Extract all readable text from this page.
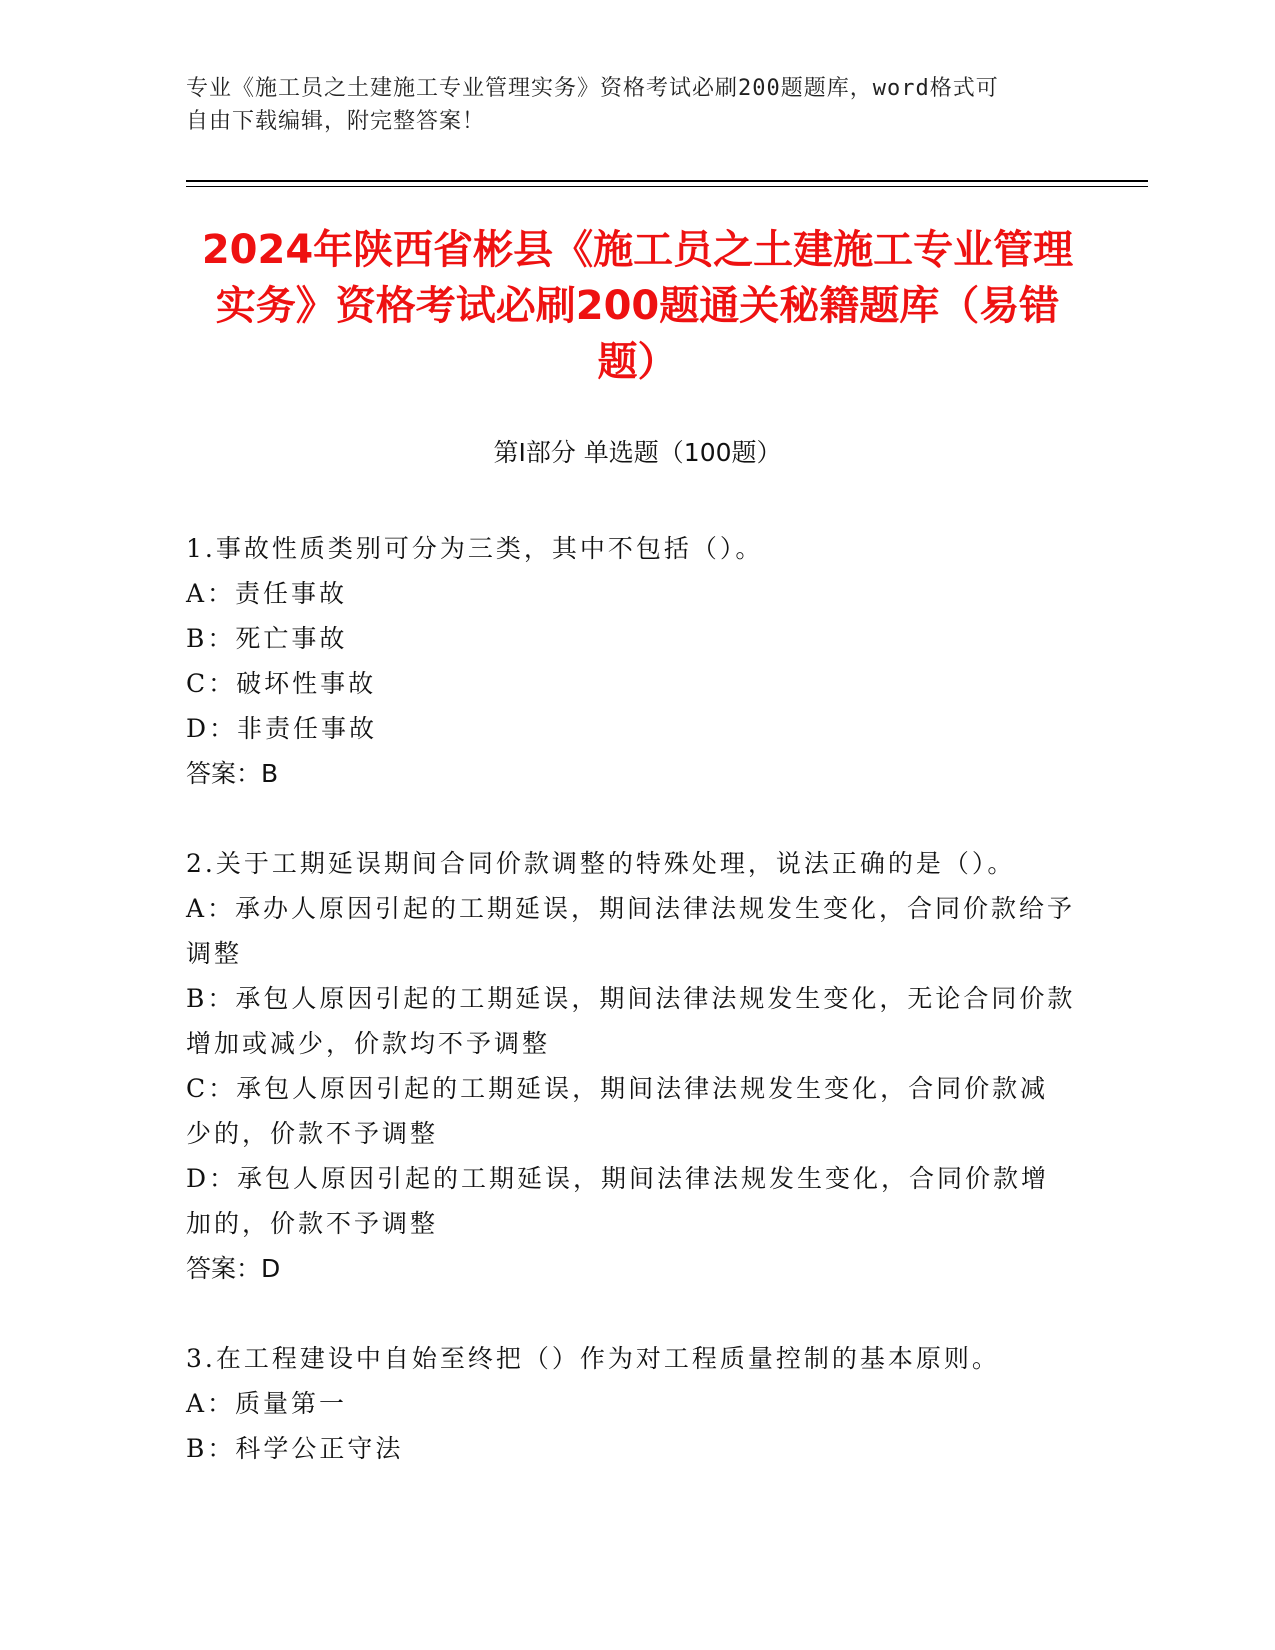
专业《施工员之土建施工专业管理实务》资格考试必刷200题题库，word格式可
自由下载编辑，附完整答案！
2024年陕西省彬县《施工员之土建施工专业管理实务》资格考试必刷200题通关秘籍题库（易错题）
第I部分 单选题（100题）

1.事故性质类别可分为三类，其中不包括（）。

A：责任事故

B：死亡事故

C：破坏性事故

D：非责任事故

答案：B

2.关于工期延误期间合同价款调整的特殊处理，说法正确的是（）。

A：承办人原因引起的工期延误，期间法律法规发生变化，合同价款给予调整

B：承包人原因引起的工期延误，期间法律法规发生变化，无论合同价款增加或减少，价款均不予调整

C：承包人原因引起的工期延误，期间法律法规发生变化，合同价款减少的，价款不予调整

D：承包人原因引起的工期延误，期间法律法规发生变化，合同价款增加的，价款不予调整

答案：D

3.在工程建设中自始至终把（）作为对工程质量控制的基本原则。

A：质量第一

B：科学公正守法
